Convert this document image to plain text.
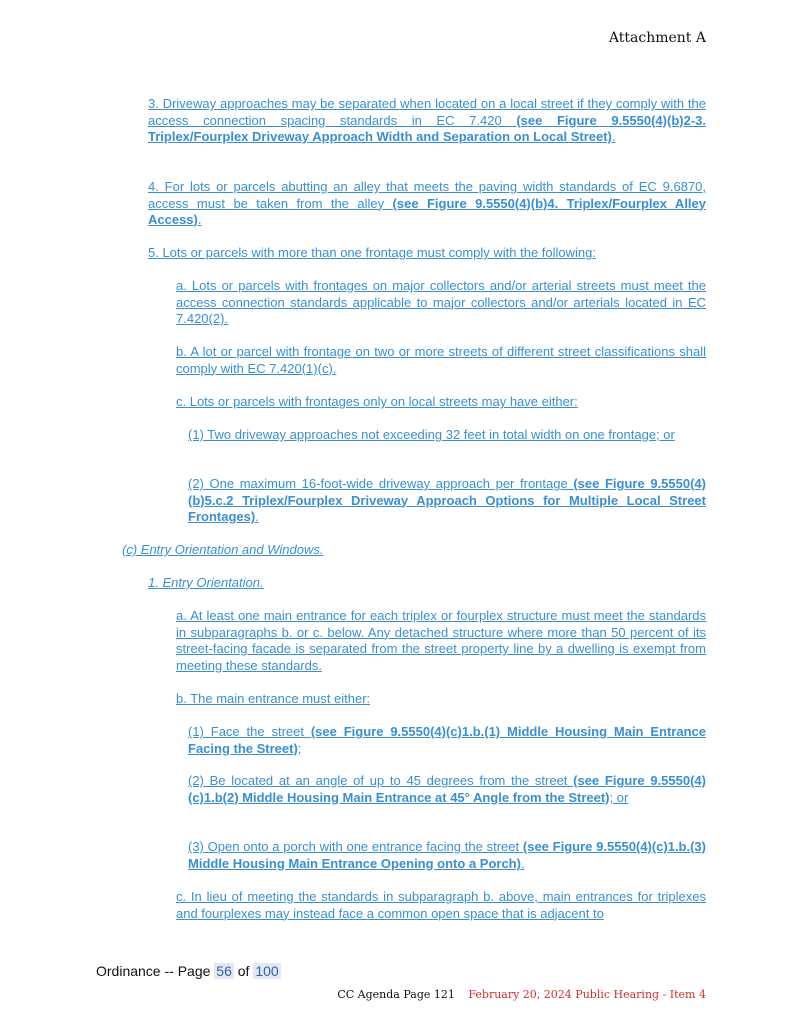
Attachment A
3. Driveway approaches may be separated when located on a local street if they comply with the access connection spacing standards in EC 7.420 (see Figure 9.5550(4)(b)2-3. Triplex/Fourplex Driveway Approach Width and Separation on Local Street).
4. For lots or parcels abutting an alley that meets the paving width standards of EC 9.6870, access must be taken from the alley (see Figure 9.5550(4)(b)4. Triplex/Fourplex Alley Access).
5. Lots or parcels with more than one frontage must comply with the following:
a. Lots or parcels with frontages on major collectors and/or arterial streets must meet the access connection standards applicable to major collectors and/or arterials located in EC 7.420(2).
b. A lot or parcel with frontage on two or more streets of different street classifications shall comply with EC 7.420(1)(c).
c. Lots or parcels with frontages only on local streets may have either:
(1) Two driveway approaches not exceeding 32 feet in total width on one frontage; or
(2) One maximum 16-foot-wide driveway approach per frontage (see Figure 9.5550(4)(b)5.c.2 Triplex/Fourplex Driveway Approach Options for Multiple Local Street Frontages).
(c) Entry Orientation and Windows.
1. Entry Orientation.
a. At least one main entrance for each triplex or fourplex structure must meet the standards in subparagraphs b. or c. below. Any detached structure where more than 50 percent of its street-facing facade is separated from the street property line by a dwelling is exempt from meeting these standards.
b. The main entrance must either:
(1) Face the street (see Figure 9.5550(4)(c)1.b.(1) Middle Housing Main Entrance Facing the Street);
(2) Be located at an angle of up to 45 degrees from the street (see Figure 9.5550(4)(c)1.b(2) Middle Housing Main Entrance at 45° Angle from the Street); or
(3) Open onto a porch with one entrance facing the street (see Figure 9.5550(4)(c)1.b.(3) Middle Housing Main Entrance Opening onto a Porch).
c. In lieu of meeting the standards in subparagraph b. above, main entrances for triplexes and fourplexes may instead face a common open space that is adjacent to
Ordinance -- Page 56 of 100
CC Agenda Page 121 February 20, 2024 Public Hearing - Item 4
